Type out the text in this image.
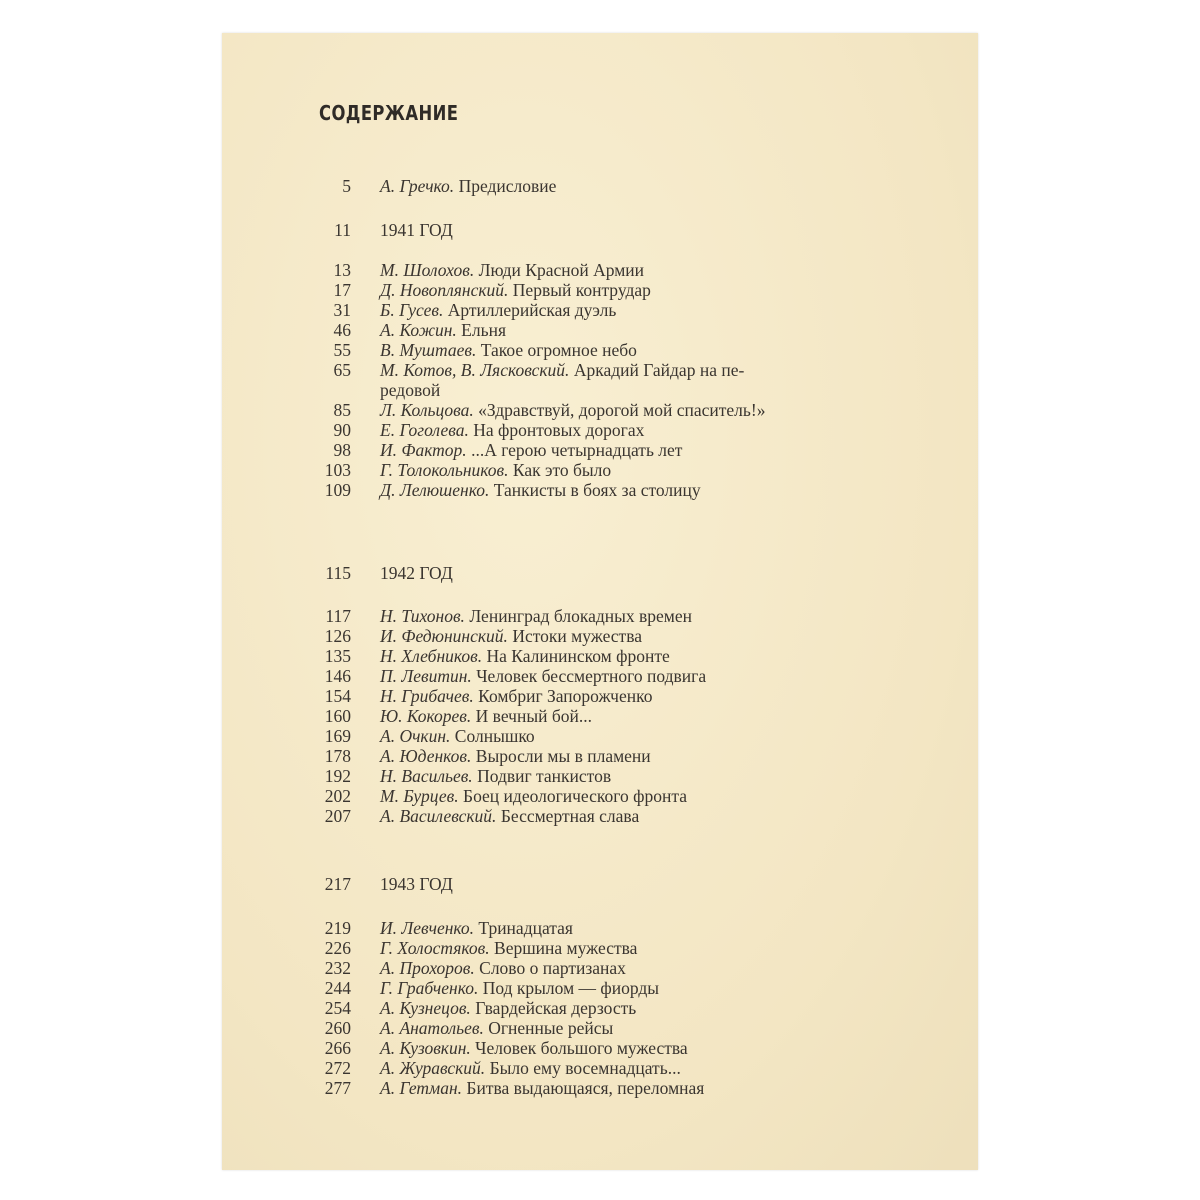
СОДЕРЖАНИЕ
5 А. Гречко. Предисловие
11 1941 ГОД
13 М. Шолохов. Люди Красной Армии
17 Д. Новоплянский. Первый контрудар
31 Б. Гусев. Артиллерийская дуэль
46 А. Кожин. Ельня
55 В. Муштаев. Такое огромное небо
65 М. Котов, В. Лясковский. Аркадий Гайдар на пе-
редовой
85 Л. Кольцова. «Здравствуй, дорогой мой спаситель!»
90 Е. Гоголева. На фронтовых дорогах
98 И. Фактор. ...А герою четырнадцать лет
103 Г. Толокольников. Как это было
109 Д. Лелюшенко. Танкисты в боях за столицу
115 1942 ГОД
117 Н. Тихонов. Ленинград блокадных времен
126 И. Федюнинский. Истоки мужества
135 Н. Хлебников. На Калининском фронте
146 П. Левитин. Человек бессмертного подвига
154 Н. Грибачев. Комбриг Запорожченко
160 Ю. Кокорев. И вечный бой...
169 А. Очкин. Солнышко
178 А. Юденков. Выросли мы в пламени
192 Н. Васильев. Подвиг танкистов
202 М. Бурцев. Боец идеологического фронта
207 А. Василевский. Бессмертная слава
217 1943 ГОД
219 И. Левченко. Тринадцатая
226 Г. Холостяков. Вершина мужества
232 А. Прохоров. Слово о партизанах
244 Г. Грабченко. Под крылом — фиорды
254 А. Кузнецов. Гвардейская дерзость
260 А. Анатольев. Огненные рейсы
266 А. Кузовкин. Человек большого мужества
272 А. Журавский. Было ему восемнадцать...
277 А. Гетман. Битва выдающаяся, переломная
